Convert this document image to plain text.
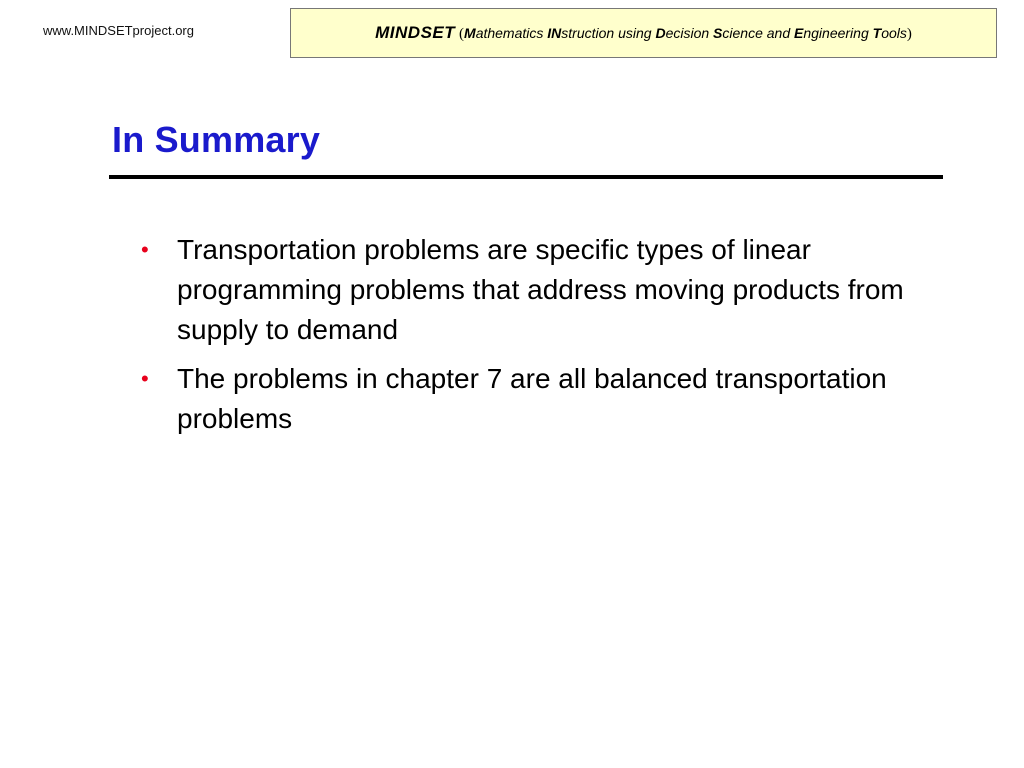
www.MINDSETproject.org	MINDSET (Mathematics INstruction using Decision Science and Engineering Tools)
In Summary
• Transportation problems are specific types of linear programming problems that address moving products from supply to demand
• The problems in chapter 7 are all balanced transportation problems
